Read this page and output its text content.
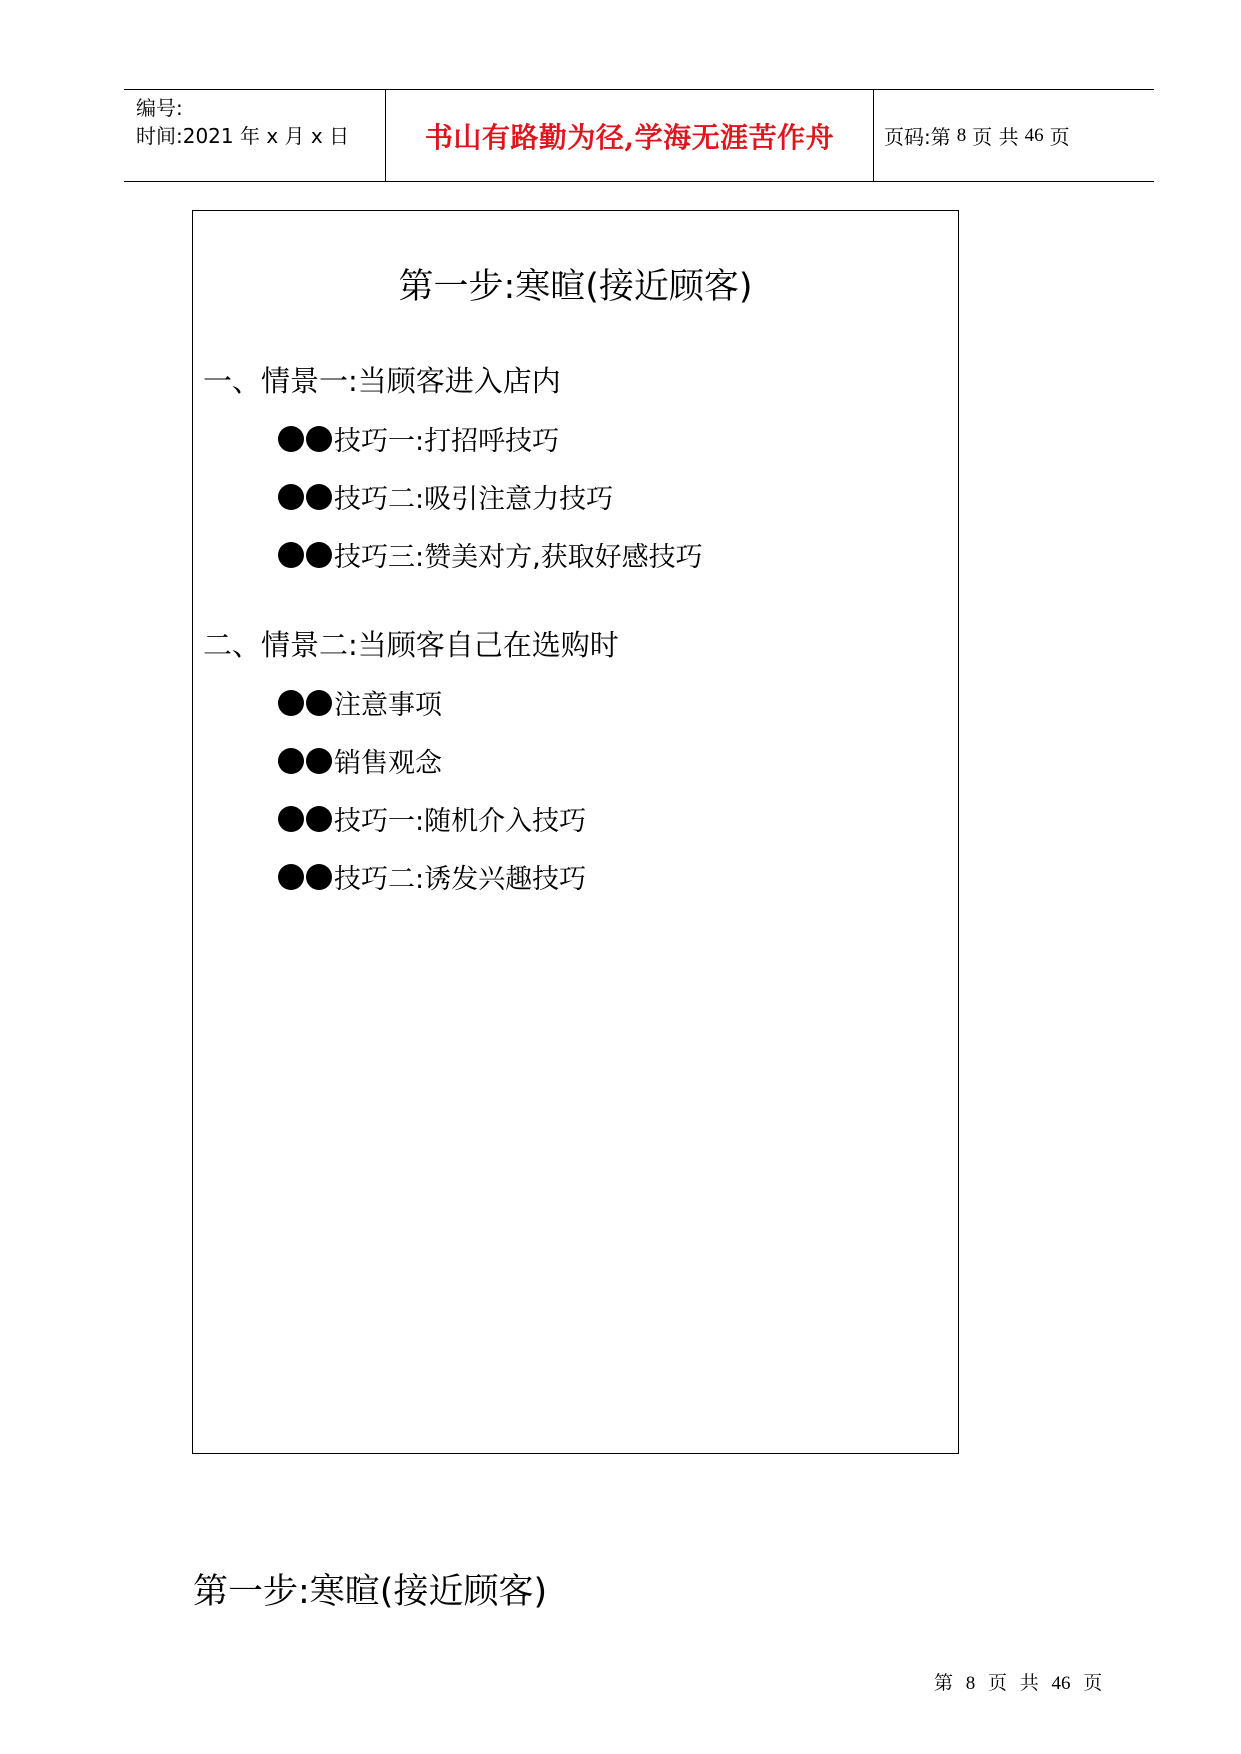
编号:
时间:2021 年 x 月 x 日	书山有路勤为径,学海无涯苦作舟 页码:第 8 页 共 46 页
第一步:寒暄(接近顾客)
一、情景一:当顾客进入店内
技巧一:打招呼技巧
技巧二:吸引注意力技巧
技巧三:赞美对方,获取好感技巧
二、情景二:当顾客自己在选购时
注意事项
销售观念
技巧一:随机介入技巧
技巧二:诱发兴趣技巧
第一步:寒暄(接近顾客)
第 8 页 共 46 页
